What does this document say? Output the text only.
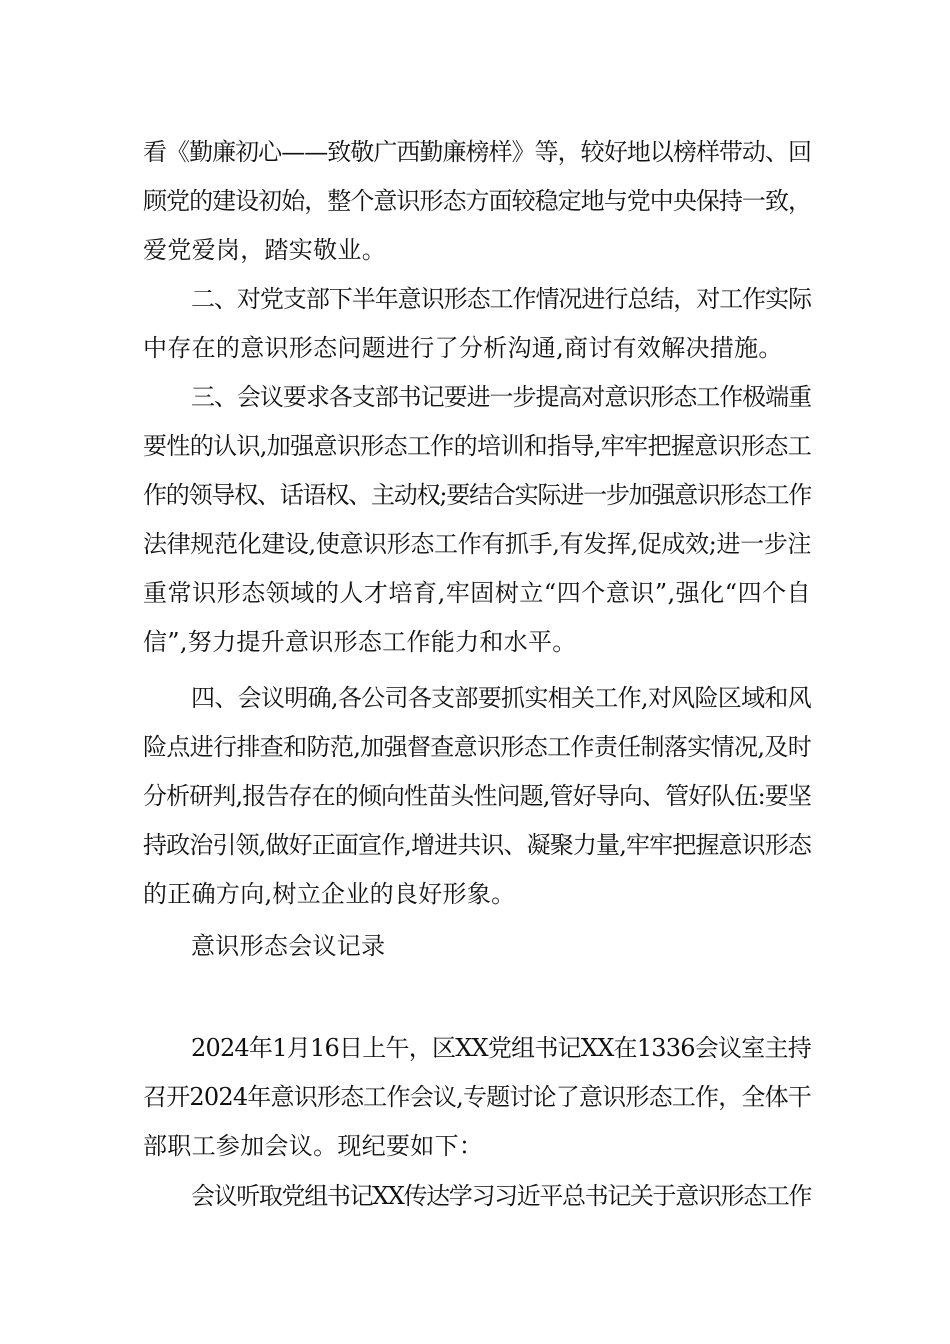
看《勤廉初心——致敬广西勤廉榜样》等，较好地以榜样带动、回
顾党的建设初始，整个意识形态方面较稳定地与党中央保持一致，
爱党爱岗，踏实敬业。
二、对党支部下半年意识形态工作情况进行总结，对工作实际
中存在的意识形态问题进行了分析沟通,商讨有效解决措施。
三、会议要求各支部书记要进一步提高对意识形态工作极端重
要性的认识,加强意识形态工作的培训和指导,牢牢把握意识形态工
作的领导权、话语权、主动权;要结合实际进一步加强意识形态工作
法律规范化建设,使意识形态工作有抓手,有发挥,促成效;进一步注
重常识形态领域的人才培育,牢固树立“四个意识”,强化“四个自
信”,努力提升意识形态工作能力和水平。
四、会议明确,各公司各支部要抓实相关工作,对风险区域和风
险点进行排查和防范,加强督查意识形态工作责任制落实情况,及时
分析研判,报告存在的倾向性苗头性问题,管好导向、管好队伍:要坚
持政治引领,做好正面宣作,增进共识、凝聚力量,牢牢把握意识形态
的正确方向,树立企业的良好形象。
意识形态会议记录
2024年1月16日上午，区XX党组书记XX在1336会议室主持
召开2024年意识形态工作会议,专题讨论了意识形态工作，全体干
部职工参加会议。现纪要如下：
会议听取党组书记XX传达学习习近平总书记关于意识形态工作
